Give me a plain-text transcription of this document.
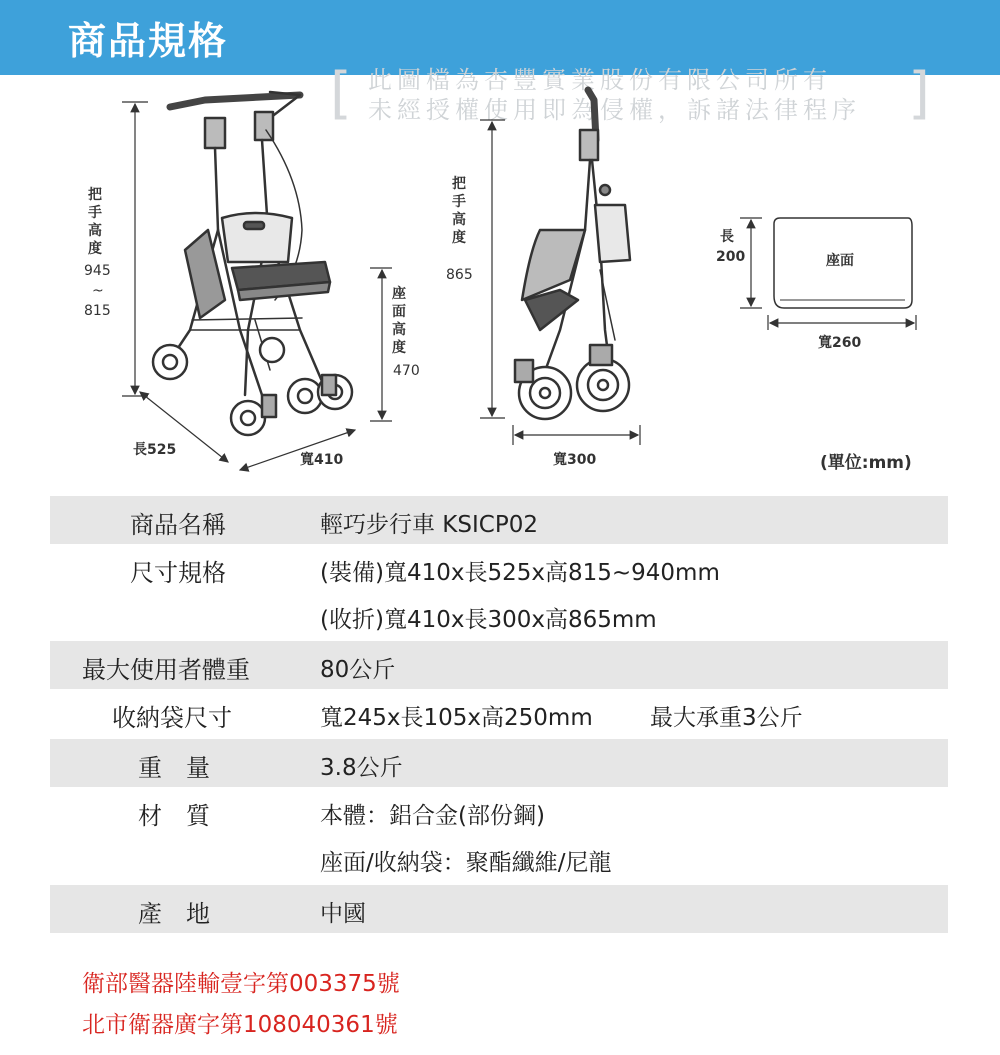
商品規格
[ 此圖檔為杏豐實業股份有限公司所有
未經授權使用即為侵權，訴諸法律程序 ]
把手高度
945
~
815
座面高度
470
長525
寬410
把手高度
865
寬300
長
200	座面
寬260
(單位:mm)
商品名稱	輕巧步行車 KSICP02
尺寸規格	(裝備)寬410x長525x高815~940mm
(收折)寬410x長300x高865mm
最大使用者體重	80公斤
收納袋尺寸	寬245x長105x高250mm 最大承重3公斤
重　量	3.8公斤
材　質	本體：鋁合金(部份鋼)
座面/收納袋：聚酯纖維/尼龍
產　地	中國
衛部醫器陸輸壹字第003375號
北市衛器廣字第108040361號
